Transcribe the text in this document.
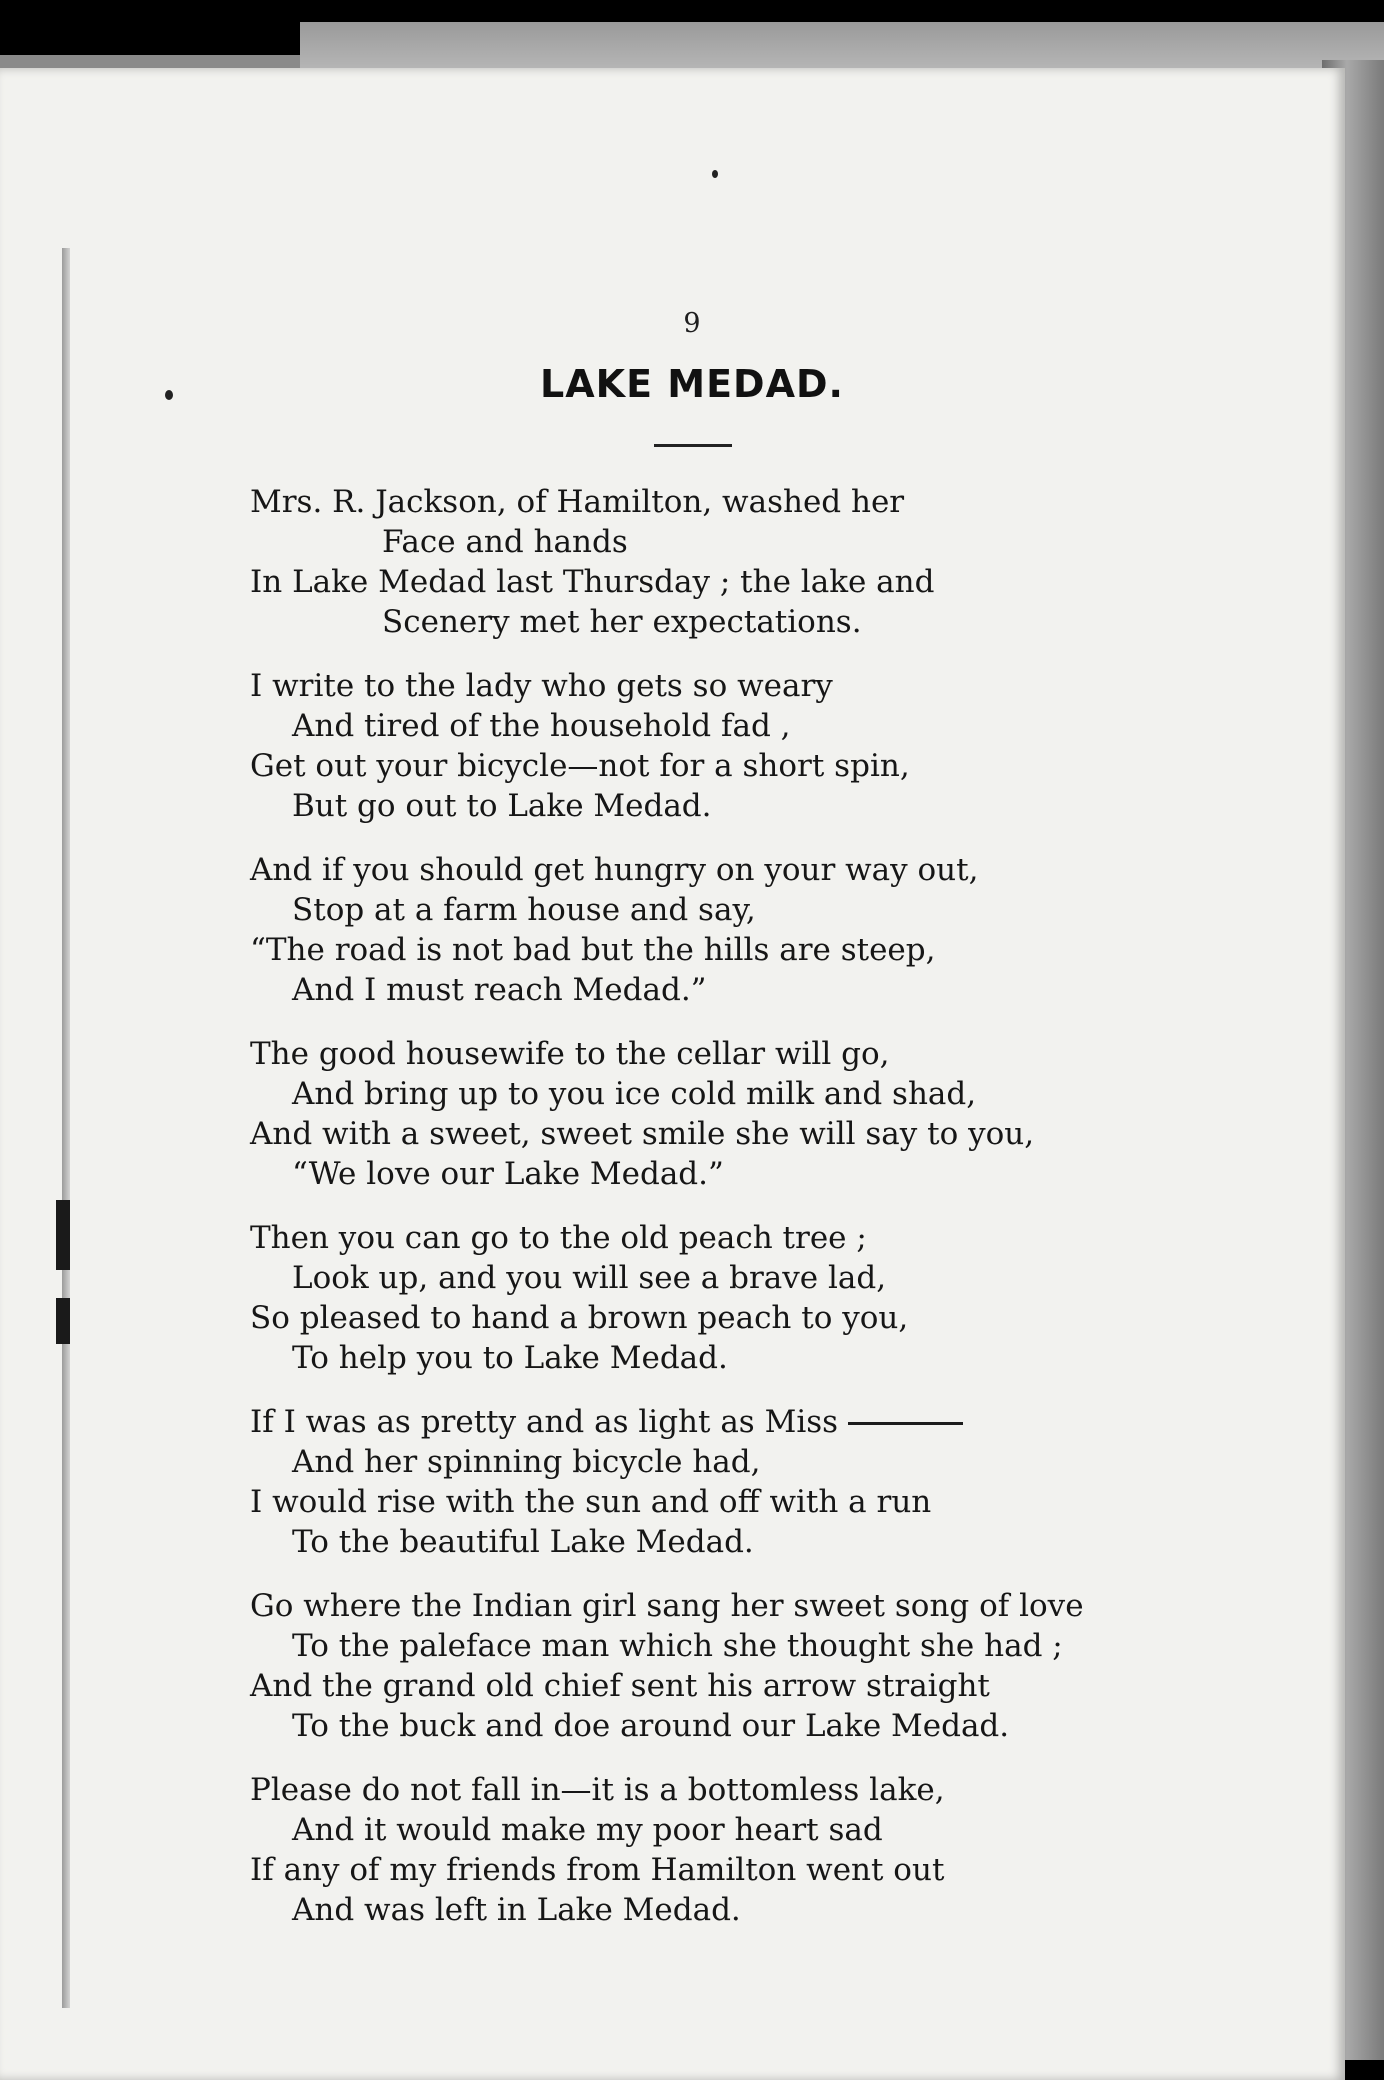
9
LAKE MEDAD.
Mrs. R. Jackson, of Hamilton, washed her
Face and hands
In Lake Medad last Thursday ; the lake and
Scenery met her expectations.
I write to the lady who gets so weary
And tired of the household fad ,
Get out your bicycle—not for a short spin,
But go out to Lake Medad.
And if you should get hungry on your way out,
Stop at a farm house and say,
“The road is not bad but the hills are steep,
And I must reach Medad.”
The good housewife to the cellar will go,
And bring up to you ice cold milk and shad,
And with a sweet, sweet smile she will say to you,
“We love our Lake Medad.”
Then you can go to the old peach tree ;
Look up, and you will see a brave lad,
So pleased to hand a brown peach to you,
To help you to Lake Medad.
If I was as pretty and as light as Miss
And her spinning bicycle had,
I would rise with the sun and off with a run
To the beautiful Lake Medad.
Go where the Indian girl sang her sweet song of love
To the paleface man which she thought she had ;
And the grand old chief sent his arrow straight
To the buck and doe around our Lake Medad.
Please do not fall in—it is a bottomless lake,
And it would make my poor heart sad
If any of my friends from Hamilton went out
And was left in Lake Medad.
